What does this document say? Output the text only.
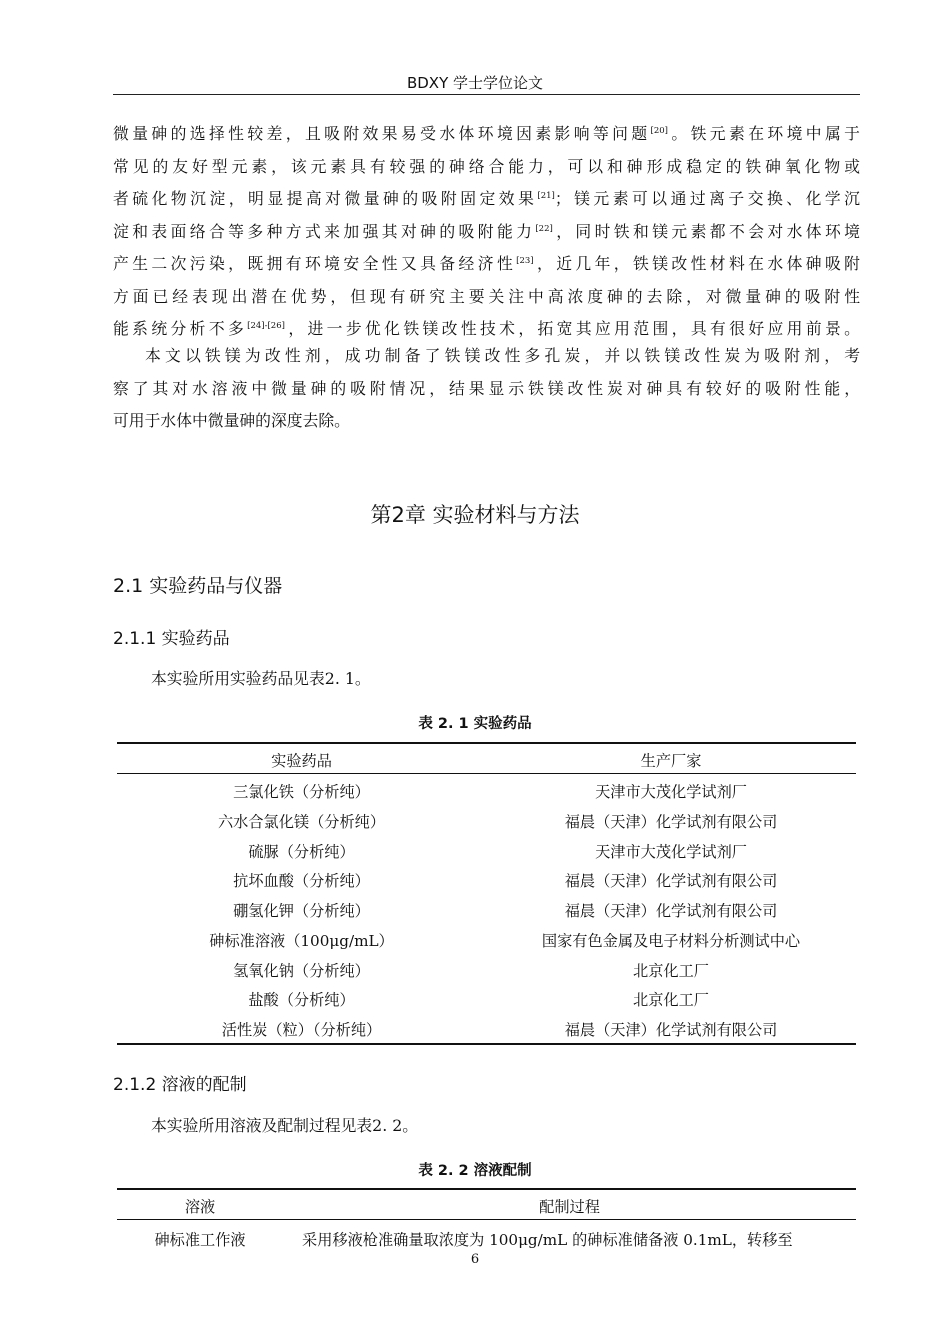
BDXY 学士学位论文
微量砷的选择性较差，且吸附效果易受水体环境因素影响等问题[20]。铁元素在环境中属于
常见的友好型元素，该元素具有较强的砷络合能力，可以和砷形成稳定的铁砷氧化物或
者硫化物沉淀，明显提高对微量砷的吸附固定效果[21]；镁元素可以通过离子交换、化学沉
淀和表面络合等多种方式来加强其对砷的吸附能力[22]，同时铁和镁元素都不会对水体环境
产生二次污染，既拥有环境安全性又具备经济性[23]，近几年，铁镁改性材料在水体砷吸附
方面已经表现出潜在优势，但现有研究主要关注中高浓度砷的去除，对微量砷的吸附性
能系统分析不多[24]-[26]，进一步优化铁镁改性技术，拓宽其应用范围，具有很好应用前景。
本文以铁镁为改性剂，成功制备了铁镁改性多孔炭，并以铁镁改性炭为吸附剂，考
察了其对水溶液中微量砷的吸附情况，结果显示铁镁改性炭对砷具有较好的吸附性能，
可用于水体中微量砷的深度去除。
第2章 实验材料与方法
2.1 实验药品与仪器
2.1.1 实验药品
本实验所用实验药品见表2. 1。
表 2. 1 实验药品
实验药品	生产厂家
三氯化铁（分析纯）	天津市大茂化学试剂厂
六水合氯化镁（分析纯）	福晨（天津）化学试剂有限公司
硫脲（分析纯）	天津市大茂化学试剂厂
抗坏血酸（分析纯）	福晨（天津）化学试剂有限公司
硼氢化钾（分析纯）	福晨（天津）化学试剂有限公司
砷标准溶液（100μg/mL）	国家有色金属及电子材料分析测试中心
氢氧化钠（分析纯）	北京化工厂
盐酸（分析纯）	北京化工厂
活性炭（粒）（分析纯）	福晨（天津）化学试剂有限公司
2.1.2 溶液的配制
本实验所用溶液及配制过程见表2. 2。
表 2. 2 溶液配制
溶液	配制过程
砷标准工作液	采用移液枪准确量取浓度为 100μg/mL 的砷标准储备液 0.1mL，转移至
6
